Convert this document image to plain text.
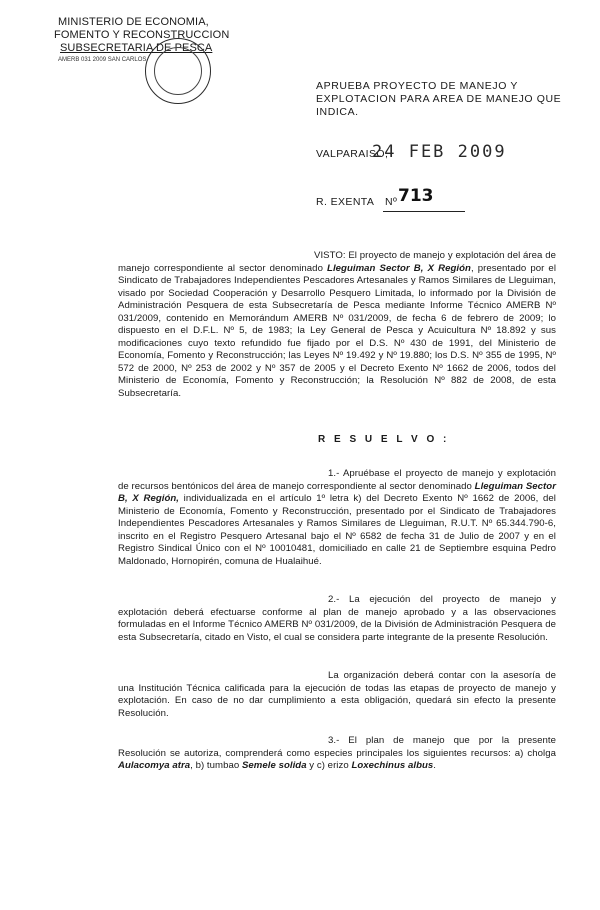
MINISTERIO DE ECONOMIA,
FOMENTO Y RECONSTRUCCION
SUBSECRETARIA DE PESCA
AMERB 031 2009 SAN CARLOS
APRUEBA PROYECTO DE MANEJO Y EXPLOTACION PARA AREA DE MANEJO QUE INDICA.
VALPARAISO,
24 FEB 2009
R. EXENTA Nº 713
VISTO: El proyecto de manejo y explotación del área de manejo correspondiente al sector denominado Lleguiman Sector B, X Región, presentado por el Sindicato de Trabajadores Independientes Pescadores Artesanales y Ramos Similares de Lleguiman, visado por Sociedad Cooperación y Desarrollo Pesquero Limitada, lo informado por la División de Administración Pesquera de esta Subsecretaría de Pesca mediante Informe Técnico AMERB Nº 031/2009, contenido en Memorándum AMERB Nº 031/2009, de fecha 6 de febrero de 2009; lo dispuesto en el D.F.L. Nº 5, de 1983; la Ley General de Pesca y Acuicultura Nº 18.892 y sus modificaciones cuyo texto refundido fue fijado por el D.S. Nº 430 de 1991, del Ministerio de Economía, Fomento y Reconstrucción; las Leyes Nº 19.492 y Nº 19.880; los D.S. Nº 355 de 1995, Nº 572 de 2000, Nº 253 de 2002 y Nº 357 de 2005 y el Decreto Exento Nº 1662 de 2006, todos del Ministerio de Economía, Fomento y Reconstrucción; la Resolución Nº 882 de 2008, de esta Subsecretaría.
R E S U E L V O :
1.- Apruébase el proyecto de manejo y explotación de recursos bentónicos del área de manejo correspondiente al sector denominado Lleguiman Sector B, X Región, individualizada en el artículo 1º letra k) del Decreto Exento Nº 1662 de 2006, del Ministerio de Economía, Fomento y Reconstrucción, presentado por el Sindicato de Trabajadores Independientes Pescadores Artesanales y Ramos Similares de Lleguiman, R.U.T. Nº 65.344.790-6, inscrito en el Registro Pesquero Artesanal bajo el Nº 6582 de fecha 31 de Julio de 2007 y en el Registro Sindical Único con el Nº 10010481, domiciliado en calle 21 de Septiembre esquina Pedro Maldonado, Hornopirén, comuna de Hualaihué.
2.- La ejecución del proyecto de manejo y explotación deberá efectuarse conforme al plan de manejo aprobado y a las observaciones formuladas en el Informe Técnico AMERB Nº 031/2009, de la División de Administración Pesquera de esta Subsecretaría, citado en Visto, el cual se considera parte integrante de la presente Resolución.
La organización deberá contar con la asesoría de una Institución Técnica calificada para la ejecución de todas las etapas de proyecto de manejo y explotación. En caso de no dar cumplimiento a esta obligación, quedará sin efecto la presente Resolución.
3.- El plan de manejo que por la presente Resolución se autoriza, comprenderá como especies principales los siguientes recursos: a) cholga Aulacomya atra, b) tumbao Semele solida y c) erizo Loxechinus albus.
